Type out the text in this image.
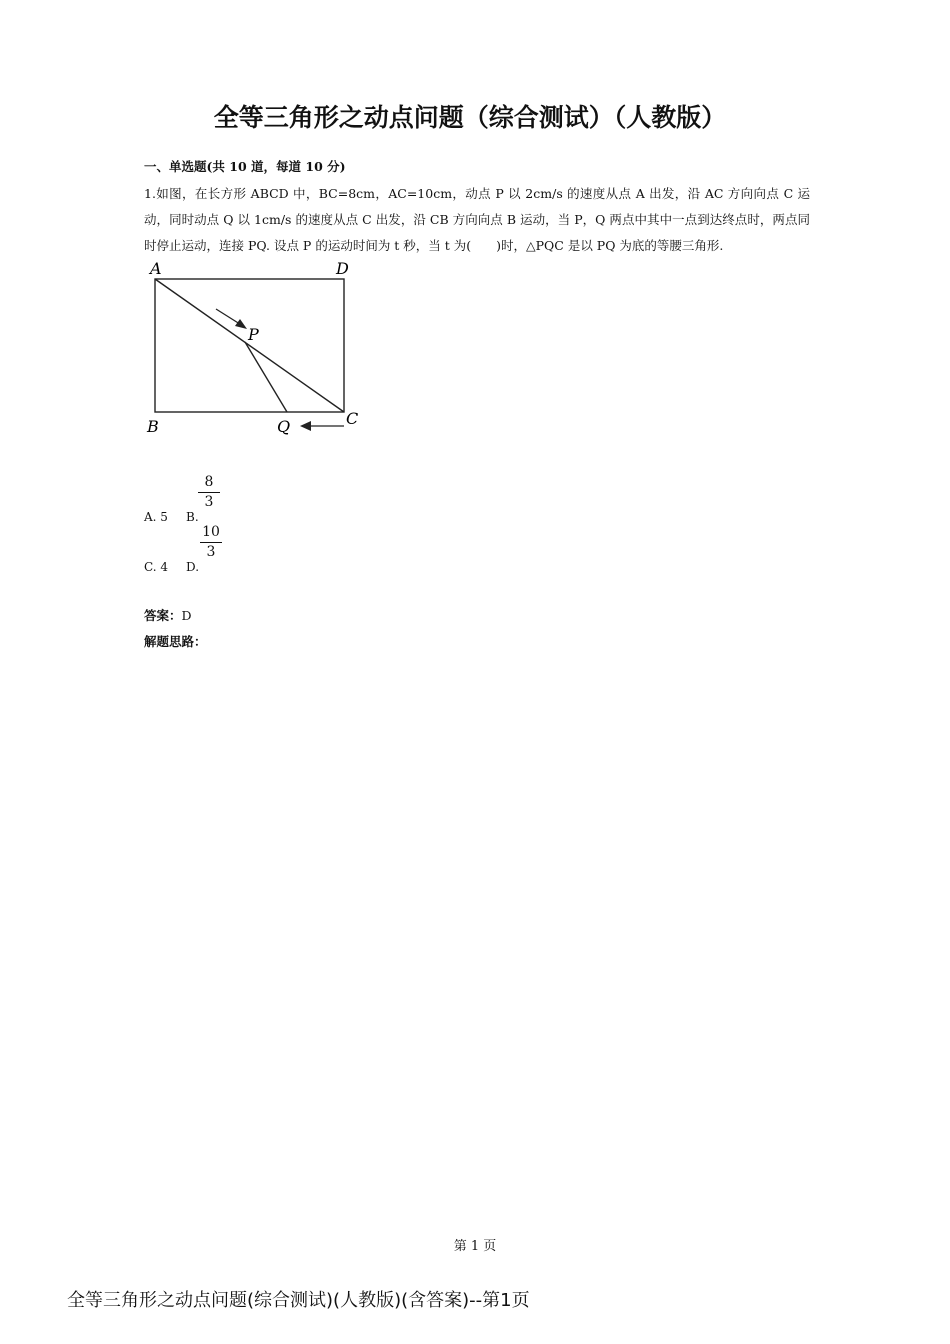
全等三角形之动点问题（综合测试）（人教版）
一、单选题(共 10 道，每道 10 分)
1.如图，在长方形 ABCD 中，BC=8cm，AC=10cm，动点 P 以 2cm/s 的速度从点 A 出发，沿 AC 方向向点 C 运动，同时动点 Q 以 1cm/s 的速度从点 C 出发，沿 CB 方向向点 B 运动，当 P，Q 两点中其中一点到达终点时，两点同时停止运动，连接 PQ. 设点 P 的运动时间为 t 秒，当 t 为(　　)时，△PQC 是以 PQ 为底的等腰三角形.
A	D
B	C
P
Q
A. 5 B.
$\frac{8}{3}$
C. 4 D.
$\frac{10}{3}$
答案：D
解题思路：
第 1 页
全等三角形之动点问题(综合测试)(人教版)(含答案)--第1页
